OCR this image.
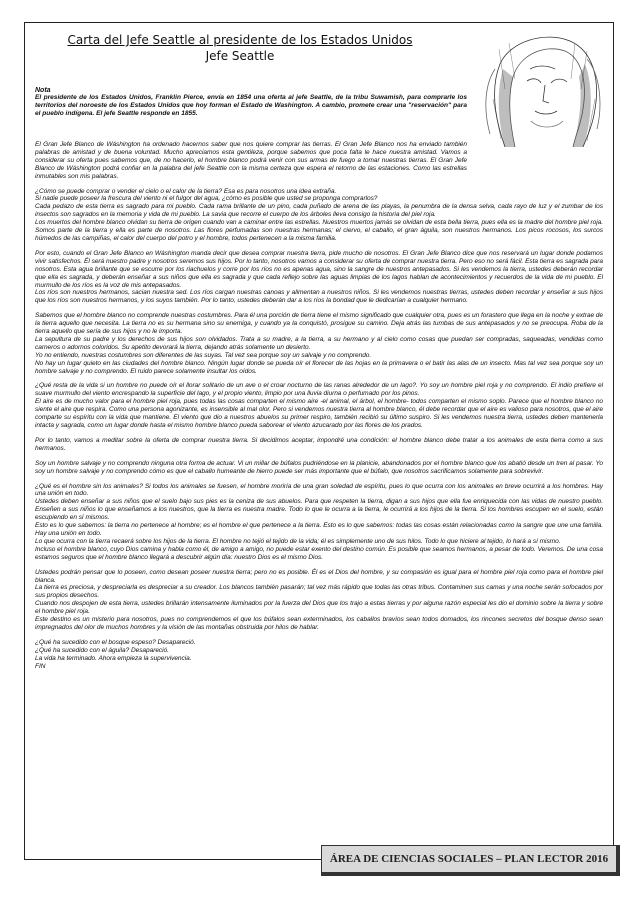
Carta del Jefe Seattle al presidente de los Estados Unidos
Jefe Seattle

Nota

El presidente de los Estados Unidos, Franklin Pierce, envía en 1854 una oferta al jefe Seattle, de la tribu Suwamish, para comprarle los territorios del noroeste de los Estados Unidos que hoy forman el Estado de Washington. A cambio, promete crear una "reservación" para el pueblo indígena. El jefe Seattle responde en 1855.

El Gran Jefe Blanco de Wáshington ha ordenado hacernos saber que nos quiere comprar las tierras. El Gran Jefe Blanco nos ha enviado también palabras de amistad y de buena voluntad. Mucho apreciamos esta gentileza, porque sabemos que poca falta le hace nuestra amistad. Vamos a considerar su oferta pues sabemos que, de no hacerlo, el hombre blanco podrá venir con sus armas de fuego a tomar nuestras tierras. El Gran Jefe Blanco de Wáshington podrá confiar en la palabra del jefe Seattle con la misma certeza que espera el retorno de las estaciones. Como las estrellas inmutables son mis palabras.

¿Cómo se puede comprar o vender el cielo o el calor de la tierra? Esa es para nosotros una idea extraña.
Si nadie puede poseer la frescura del viento ni el fulgor del agua, ¿cómo es posible que usted se proponga comprarlos?
Cada pedazo de esta tierra es sagrado para mi pueblo. Cada rama brillante de un pino, cada puñado de arena de las playas, la penumbra de la densa selva, cada rayo de luz y el zumbar de los insectos son sagrados en la memoria y vida de mi pueblo. La savia que recorre el cuerpo de los árboles lleva consigo la historia del piel roja.
Los muertos del hombre blanco olvidan su tierra de origen cuando van a caminar entre las estrellas. Nuestros muertos jamás se olvidan de esta bella tierra, pues ella es la madre del hombre piel roja. Somos parte de la tierra y ella es parte de nosotros. Las flores perfumadas son nuestras hermanas; el ciervo, el caballo, el gran águila, son nuestros hermanos. Los picos rocosos, los surcos húmedos de las campiñas, el calor del cuerpo del potro y el hombre, todos pertenecen a la misma familia.

Por esto, cuando el Gran Jefe Blanco en Wáshington manda decir que desea comprar nuestra tierra, pide mucho de nosotros. El Gran Jefe Blanco dice que nos reservará un lugar donde podamos vivir satisfechos. Él será nuestro padre y nosotros seremos sus hijos. Por lo tanto, nosotros vamos a considerar su oferta de comprar nuestra tierra. Pero eso no será fácil. Esta tierra es sagrada para nosotros. Esta agua brillante que se escurre por los riachuelos y corre por los ríos no es apenas agua, sino la sangre de nuestros antepasados. Si les vendemos la tierra, ustedes deberán recordar que ella es sagrada, y deberán enseñar a sus niños que ella es sagrada y que cada reflejo sobre las aguas limpias de los lagos hablan de acontecimientos y recuerdos de la vida de mi pueblo. El murmullo de los ríos es la voz de mis antepasados.
Los ríos son nuestros hermanos, sacian nuestra sed. Los ríos cargan nuestras canoas y alimentan a nuestros niños. Si les vendemos nuestras tierras, ustedes deben recordar y enseñar a sus hijos que los ríos son nuestros hermanos, y los suyos también. Por lo tanto, ustedes deberán dar a los ríos la bondad que le dedicarían a cualquier hermano.

Sabemos que el hombre blanco no comprende nuestras costumbres. Para él una porción de tierra tiene el mismo significado que cualquier otra, pues es un forastero que llega en la noche y extrae de la tierra aquello que necesita. La tierra no es su hermana sino su enemiga, y cuando ya la conquistó, prosigue su camino. Deja atrás las tumbas de sus antepasados y no se preocupa. Roba de la tierra aquello que sería de sus hijos y no le importa.
La sepultura de su padre y los derechos de sus hijos son olvidados. Trata a su madre, a la tierra, a su hermano y al cielo como cosas que puedan ser compradas, saqueadas, vendidas como carneros o adornos coloridos. Su apetito devorará la tierra, dejando atrás solamente un desierto.
Yo no entiendo, nuestras costumbres son diferentes de las suyas. Tal vez sea porque soy un salvaje y no comprendo.
No hay un lugar quieto en las ciudades del hombre blanco. Ningún lugar donde se pueda oír el florecer de las hojas en la primavera o el batir las alas de un insecto. Mas tal vez sea porque soy un hombre salvaje y no comprendo. El ruido parece solamente insultar los oídos.

¿Qué resta de la vida si un hombre no puede oír el llorar solitario de un ave o el croar nocturno de las ranas alrededor de un lago?. Yo soy un hombre piel roja y no comprendo. El indio prefiere el suave murmullo del viento encrespando la superficie del lago, y el propio viento, limpio por una lluvia diurna o perfumado por los pinos.
El aire es de mucho valor para el hombre piel roja, pues todas las cosas comparten el mismo aire -el animal, el árbol, el hombre- todos comparten el mismo soplo. Parece que el hombre blanco no siente el aire que respira. Como una persona agonizante, es insensible al mal olor. Pero si vendemos nuestra tierra al hombre blanco, él debe recordar que el aire es valioso para nosotros, que el aire comparte su espíritu con la vida que mantiene. El viento que dio a nuestros abuelos su primer respiro, también recibió su último suspiro. Si les vendemos nuestra tierra, ustedes deben mantenerla intacta y sagrada, como un lugar donde hasta el mismo hombre blanco pueda saborear el viento azucarado por las flores de los prados.

Por lo tanto, vamos a meditar sobre la oferta de comprar nuestra tierra. Si decidimos aceptar, impondré una condición: el hombre blanco debe tratar a los animales de esta tierra como a sus hermanos.

Soy un hombre salvaje y no comprendo ninguna otra forma de actuar. Vi un millar de búfalos pudriéndose en la planicie, abandonados por el hombre blanco que los abatió desde un tren al pasar. Yo soy un hombre salvaje y no comprendo cómo es que el caballo humeante de hierro puede ser más importante que el búfalo, que nosotros sacrificamos solamente para sobrevivir.

¿Qué es el hombre sin los animales? Si todos los animales se fuesen, el hombre moriría de una gran soledad de espíritu, pues lo que ocurra con los animales en breve ocurrirá a los hombres. Hay una unión en todo.
Ustedes deben enseñar a sus niños que el suelo bajo sus pies es la ceniza de sus abuelos. Para que respeten la tierra, digan a sus hijos que ella fue enriquecida con las vidas de nuestro pueblo. Enseñen a sus niños lo que enseñamos a los nuestros, que la tierra es nuestra madre. Todo lo que le ocurra a la tierra, le ocurrirá a los hijos de la tierra. Si los hombres escupen en el suelo, están escupiendo en sí mismos.
Esto es lo que sabemos: la tierra no pertenece al hombre; es el hombre el que pertenece a la tierra. Esto es lo que sabemos: todas las cosas están relacionadas como la sangre que une una familia. Hay una unión en todo.
Lo que ocurra con la tierra recaerá sobre los hijos de la tierra. El hombre no tejió el tejido de la vida; él es simplemente uno de sus hilos. Todo lo que hiciere al tejido, lo hará a sí mismo.
Incluso el hombre blanco, cuyo Dios camina y habla como él, de amigo a amigo, no puede estar exento del destino común. Es posible que seamos hermanos, a pesar de todo. Veremos. De una cosa estamos seguros que el hombre blanco llegará a descubrir algún día: nuestro Dios es el mismo Dios.

Ustedes podrán pensar que lo poseen, como desean poseer nuestra tierra; pero no es posible. Él es el Dios del hombre, y su compasión es igual para el hombre piel roja como para el hombre piel blanca.
La tierra es preciosa, y despreciarla es despreciar a su creador. Los blancos también pasarán; tal vez más rápido que todas las otras tribus. Contaminen sus camas y una noche serán sofocados por sus propios desechos.
Cuando nos despojen de esta tierra, ustedes brillarán intensamente iluminados por la fuerza del Dios que los trajo a estas tierras y por alguna razón especial les dio el dominio sobre la tierra y sobre el hombre piel roja.
Este destino es un misterio para nosotros, pues no comprendemos el que los búfalos sean exterminados, los caballos bravíos sean todos domados, los rincones secretos del bosque denso sean impregnados del olor de muchos hombres y la visión de las montañas obstruida por hilos de hablar.

¿Qué ha sucedido con el bosque espeso? Desapareció.
¿Qué ha sucedido con el águila? Desapareció.
La vida ha terminado. Ahora empieza la supervivencia.
FIN

ÁREA DE CIENCIAS SOCIALES – PLAN LECTOR 2016
